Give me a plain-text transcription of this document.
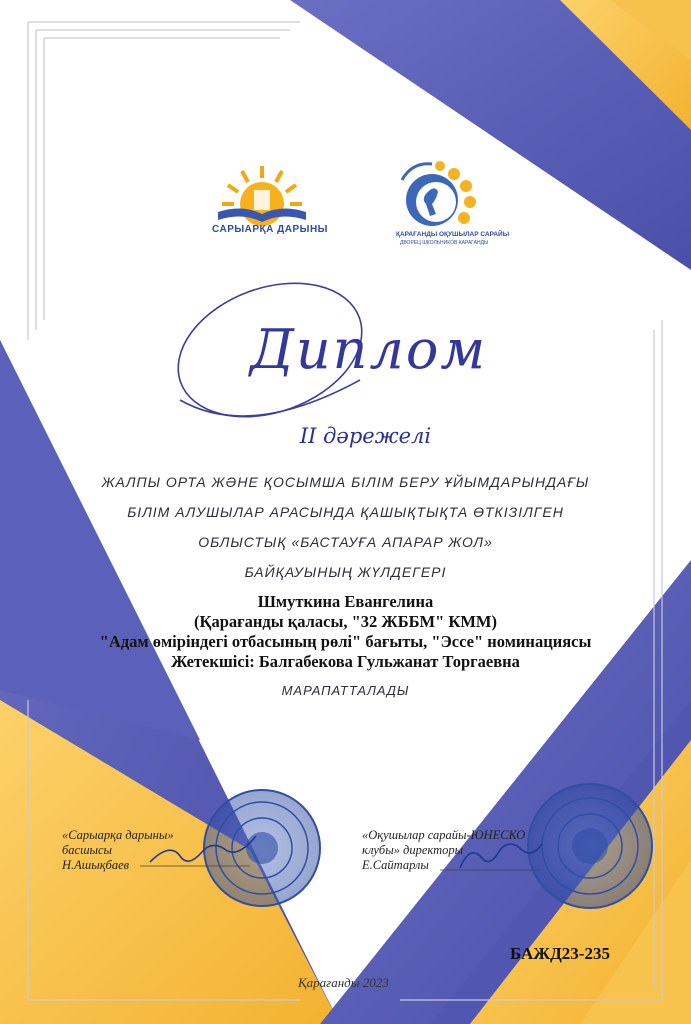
САРЫАРҚА ДАРЫНЫ	ҚАРАҒАНДЫ ОҚУШЫЛАР САРАЙЫ
ДВОРЕЦ ШКОЛЬНИКОВ КАРАГАНДЫ
Диплом
II дәрежелі
ЖАЛПЫ ОРТА ЖӘНЕ ҚОСЫМША БІЛІМ БЕРУ ҰЙЫМДАРЫНДАҒЫ
БІЛІМ АЛУШЫЛАР АРАСЫНДА ҚАШЫҚТЫҚТА ӨТКІЗІЛГЕН
ОБЛЫСТЫҚ «БАСТАУҒА АПАРАР ЖОЛ»
БАЙҚАУЫНЫҢ ЖҮЛДЕГЕРІ
Шмуткина Евангелина
(Қарағанды қаласы, "32 ЖББМ" КММ)
"Адам өміріндегі отбасының рөлі" бағыты, "Эссе" номинациясы
Жетекшісі: Балгабекова Гульжанат Торгаевна
МАРАПАТТАЛАДЫ
«Сарыарқа дарыны»
басшысы
Н.Ашықбаев
«Оқушылар сарайы-ЮНЕСКО
клубы» директоры
Е.Сайтарлы
БАЖД23-235
Қарағанды 2023
